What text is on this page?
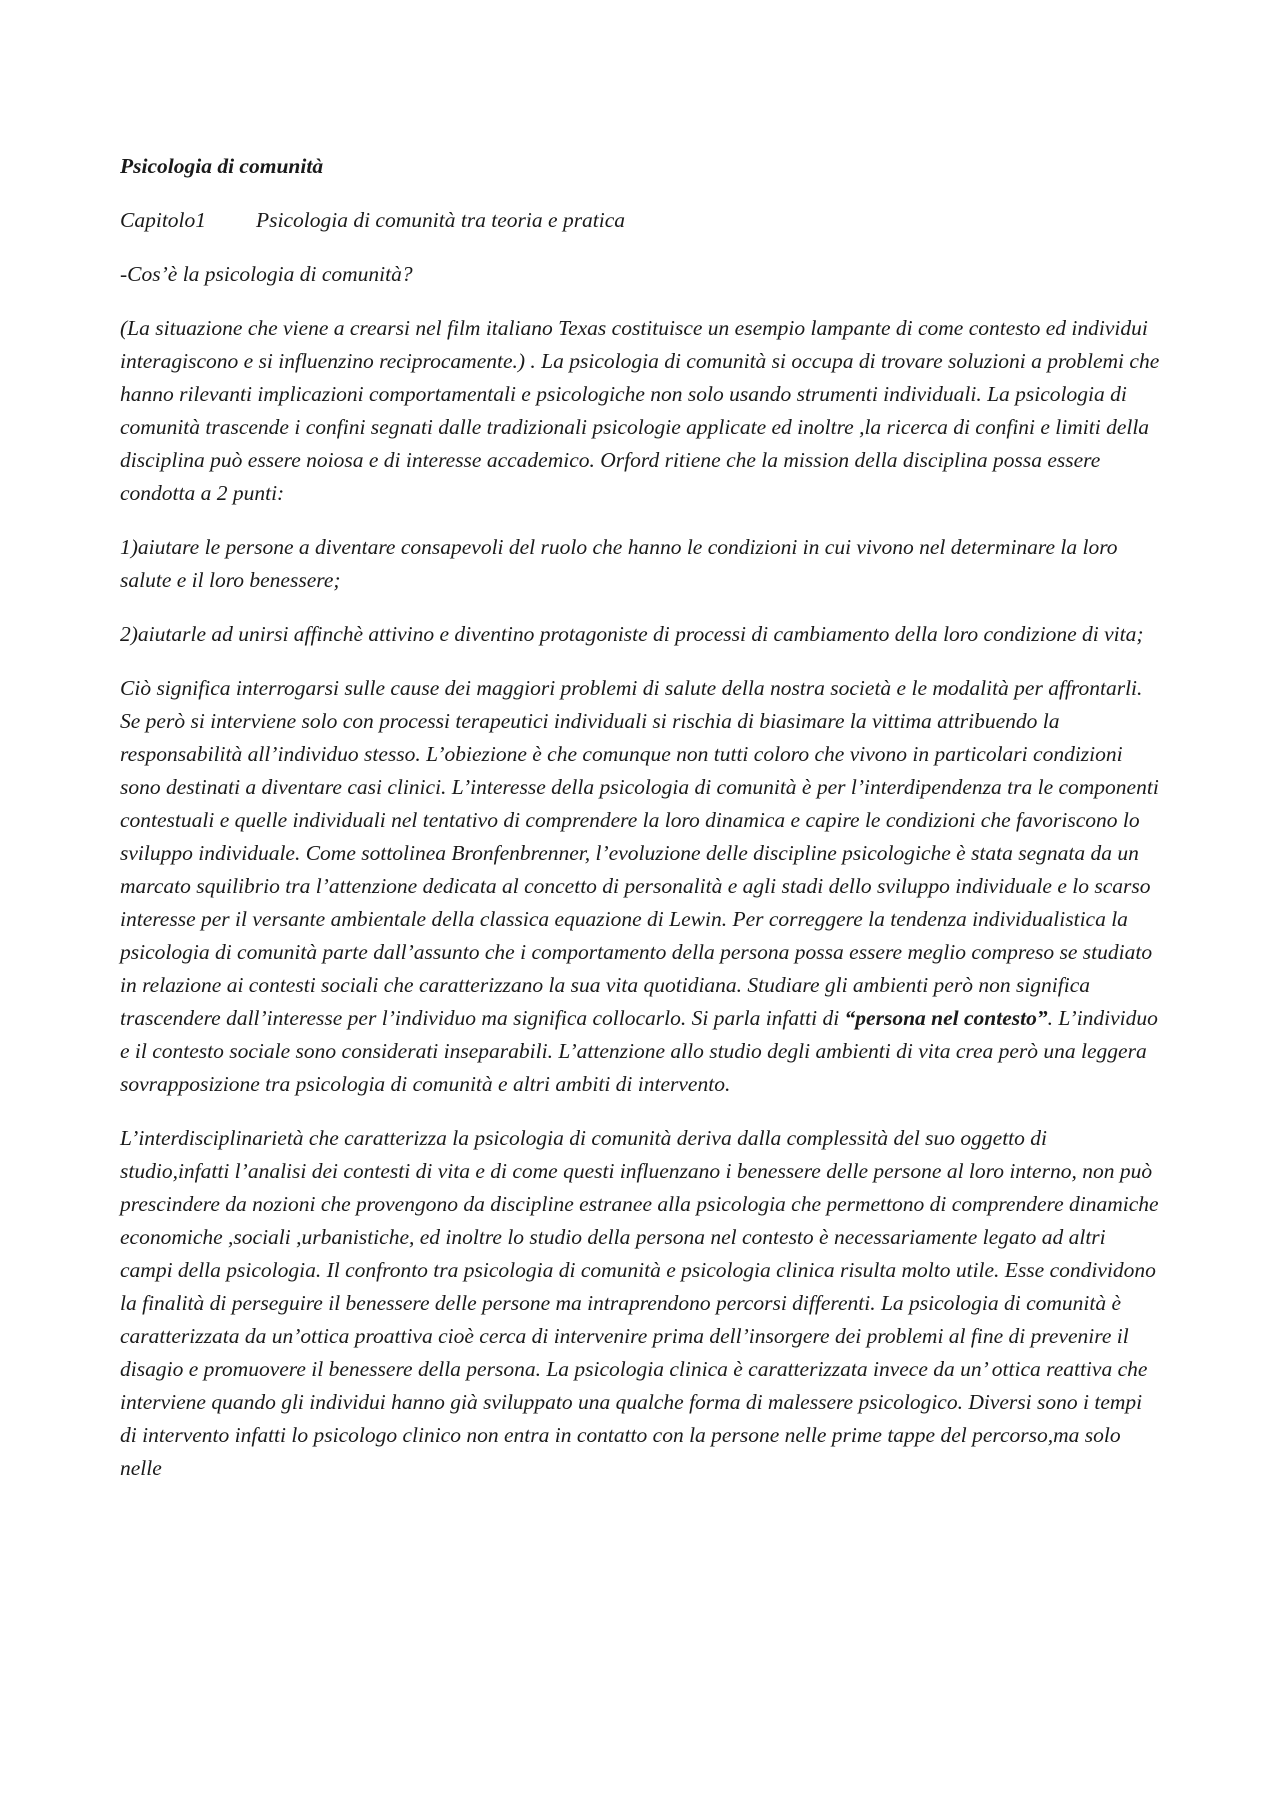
Psicologia di comunità

Capitolo1 Psicologia di comunità tra teoria e pratica

-Cos’è la psicologia di comunità?

(La situazione che viene a crearsi nel film italiano Texas costituisce un esempio lampante di come contesto ed individui interagiscono e si influenzino reciprocamente.) . La psicologia di comunità si occupa di trovare soluzioni a problemi che hanno rilevanti implicazioni comportamentali e psicologiche non solo usando strumenti individuali. La psicologia di comunità trascende i confini segnati dalle tradizionali psicologie applicate ed inoltre ,la ricerca di confini e limiti della disciplina può essere noiosa e di interesse accademico. Orford ritiene che la mission della disciplina possa essere condotta a 2 punti:

1)aiutare le persone a diventare consapevoli del ruolo che hanno le condizioni in cui vivono nel determinare la loro salute e il loro benessere;

2)aiutarle ad unirsi affinchè attivino e diventino protagoniste di processi di cambiamento della loro condizione di vita;

Ciò significa interrogarsi sulle cause dei maggiori problemi di salute della nostra società e le modalità per affrontarli. Se però si interviene solo con processi terapeutici individuali si rischia di biasimare la vittima attribuendo la responsabilità all’individuo stesso. L’obiezione è che comunque non tutti coloro che vivono in particolari condizioni sono destinati a diventare casi clinici. L’interesse della psicologia di comunità è per l’interdipendenza tra le componenti contestuali e quelle individuali nel tentativo di comprendere la loro dinamica e capire le condizioni che favoriscono lo sviluppo individuale. Come sottolinea Bronfenbrenner, l’evoluzione delle discipline psicologiche è stata segnata da un marcato squilibrio tra l’attenzione dedicata al concetto di personalità e agli stadi dello sviluppo individuale e lo scarso interesse per il versante ambientale della classica equazione di Lewin. Per correggere la tendenza individualistica la psicologia di comunità parte dall’assunto che i comportamento della persona possa essere meglio compreso se studiato in relazione ai contesti sociali che caratterizzano la sua vita quotidiana. Studiare gli ambienti però non significa trascendere dall’interesse per l’individuo ma significa collocarlo. Si parla infatti di “persona nel contesto”. L’individuo e il contesto sociale sono considerati inseparabili. L’attenzione allo studio degli ambienti di vita crea però una leggera sovrapposizione tra psicologia di comunità e altri ambiti di intervento.

L’interdisciplinarietà che caratterizza la psicologia di comunità deriva dalla complessità del suo oggetto di studio,infatti l’analisi dei contesti di vita e di come questi influenzano i benessere delle persone al loro interno, non può prescindere da nozioni che provengono da discipline estranee alla psicologia che permettono di comprendere dinamiche economiche ,sociali ,urbanistiche, ed inoltre lo studio della persona nel contesto è necessariamente legato ad altri campi della psicologia. Il confronto tra psicologia di comunità e psicologia clinica risulta molto utile. Esse condividono la finalità di perseguire il benessere delle persone ma intraprendono percorsi differenti. La psicologia di comunità è caratterizzata da un’ottica proattiva cioè cerca di intervenire prima dell’insorgere dei problemi al fine di prevenire il disagio e promuovere il benessere della persona. La psicologia clinica è caratterizzata invece da un’ ottica reattiva che interviene quando gli individui hanno già sviluppato una qualche forma di malessere psicologico. Diversi sono i tempi di intervento infatti lo psicologo clinico non entra in contatto con la persone nelle prime tappe del percorso,ma solo nelle
